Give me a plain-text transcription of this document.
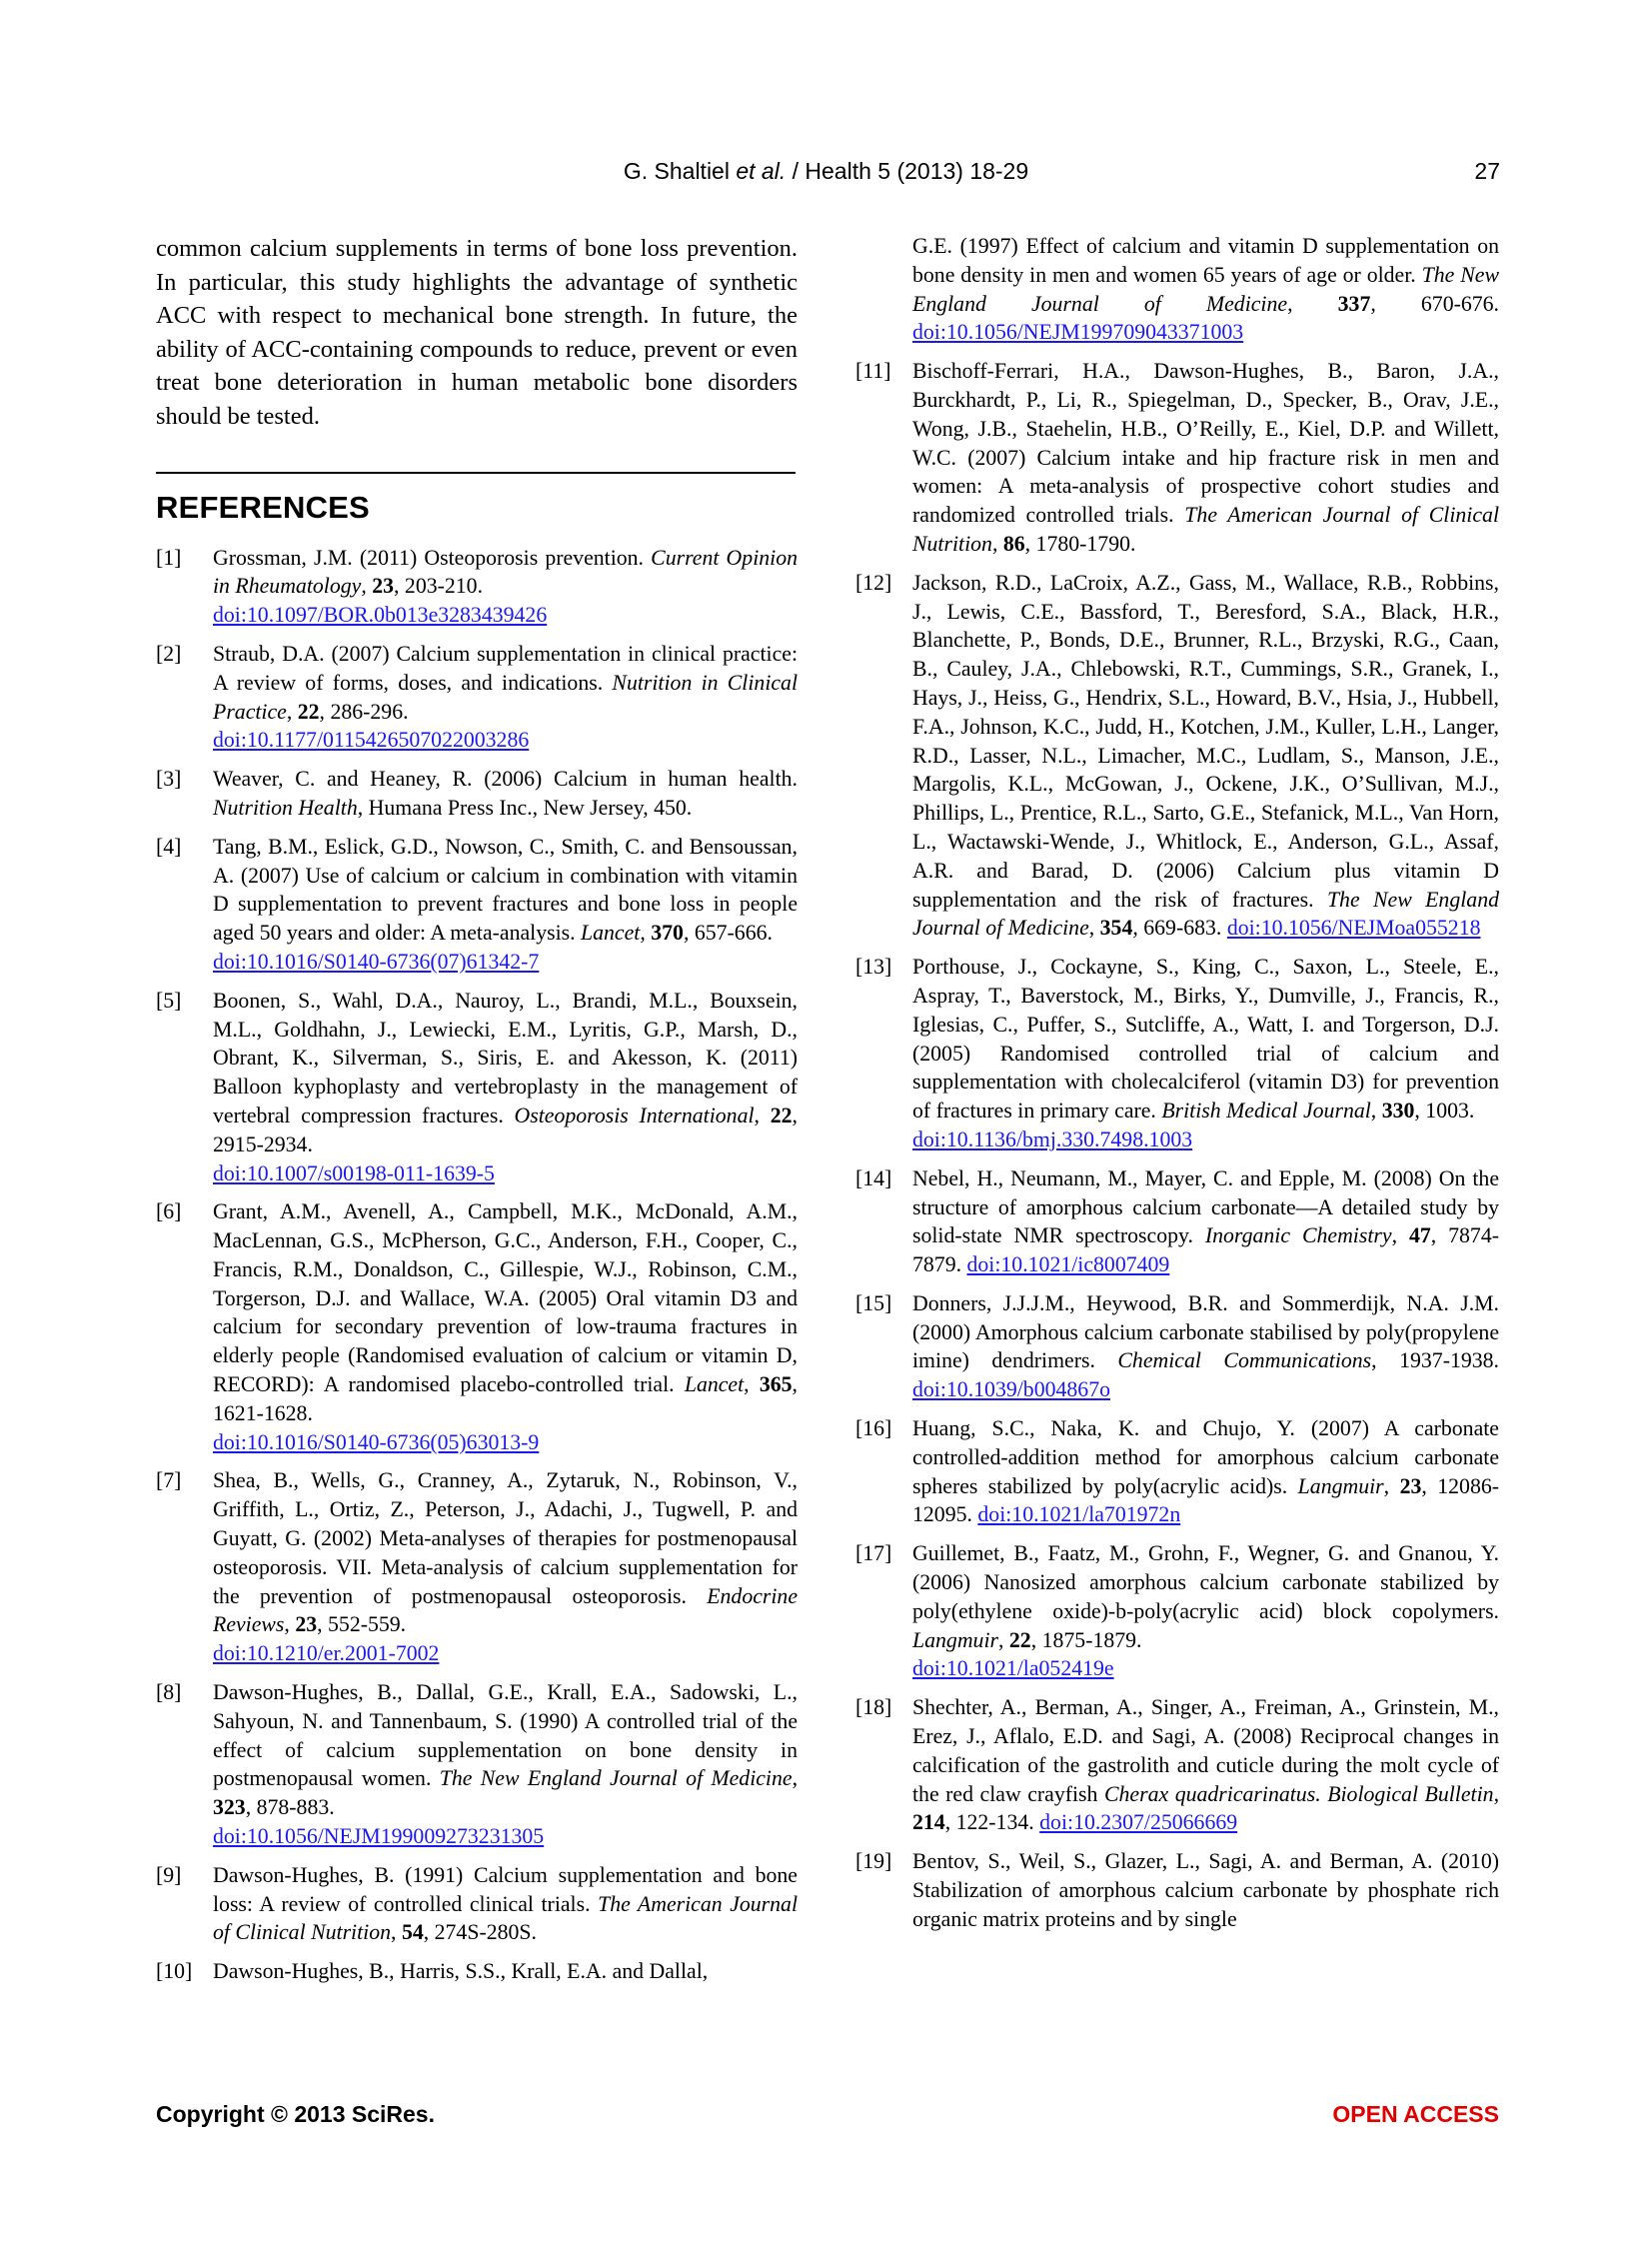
G. Shaltiel et al. / Health 5 (2013) 18-29	27

common calcium supplements in terms of bone loss prevention. In particular, this study highlights the advantage of synthetic ACC with respect to mechanical bone strength. In future, the ability of ACC-containing compounds to reduce, prevent or even treat bone deterioration in human metabolic bone disorders should be tested.

REFERENCES
[1] Grossman, J.M. (2011) Osteoporosis prevention. Current Opinion in Rheumatology, 23, 203-210.
doi:10.1097/BOR.0b013e3283439426
[2] Straub, D.A. (2007) Calcium supplementation in clinical practice: A review of forms, doses, and indications. Nutrition in Clinical Practice, 22, 286-296.
doi:10.1177/0115426507022003286
[3] Weaver, C. and Heaney, R. (2006) Calcium in human health. Nutrition Health, Humana Press Inc., New Jersey, 450.
[4] Tang, B.M., Eslick, G.D., Nowson, C., Smith, C. and Bensoussan, A. (2007) Use of calcium or calcium in combination with vitamin D supplementation to prevent fractures and bone loss in people aged 50 years and older: A meta-analysis. Lancet, 370, 657-666.
doi:10.1016/S0140-6736(07)61342-7
[5] Boonen, S., Wahl, D.A., Nauroy, L., Brandi, M.L., Bouxsein, M.L., Goldhahn, J., Lewiecki, E.M., Lyritis, G.P., Marsh, D., Obrant, K., Silverman, S., Siris, E. and Akesson, K. (2011) Balloon kyphoplasty and vertebroplasty in the management of vertebral compression fractures. Osteoporosis International, 22, 2915-2934.
doi:10.1007/s00198-011-1639-5
[6] Grant, A.M., Avenell, A., Campbell, M.K., McDonald, A.M., MacLennan, G.S., McPherson, G.C., Anderson, F.H., Cooper, C., Francis, R.M., Donaldson, C., Gillespie, W.J., Robinson, C.M., Torgerson, D.J. and Wallace, W.A. (2005) Oral vitamin D3 and calcium for secondary prevention of low-trauma fractures in elderly people (Randomised evaluation of calcium or vitamin D, RECORD): A randomised placebo-controlled trial. Lancet, 365, 1621-1628.
doi:10.1016/S0140-6736(05)63013-9
[7] Shea, B., Wells, G., Cranney, A., Zytaruk, N., Robinson, V., Griffith, L., Ortiz, Z., Peterson, J., Adachi, J., Tugwell, P. and Guyatt, G. (2002) Meta-analyses of therapies for postmenopausal osteoporosis. VII. Meta-analysis of calcium supplementation for the prevention of postmenopausal osteoporosis. Endocrine Reviews, 23, 552-559.
doi:10.1210/er.2001-7002
[8] Dawson-Hughes, B., Dallal, G.E., Krall, E.A., Sadowski, L., Sahyoun, N. and Tannenbaum, S. (1990) A controlled trial of the effect of calcium supplementation on bone density in postmenopausal women. The New England Journal of Medicine, 323, 878-883.
doi:10.1056/NEJM199009273231305
[9] Dawson-Hughes, B. (1991) Calcium supplementation and bone loss: A review of controlled clinical trials. The American Journal of Clinical Nutrition, 54, 274S-280S.
[10] Dawson-Hughes, B., Harris, S.S., Krall, E.A. and Dallal,

G.E. (1997) Effect of calcium and vitamin D supplementation on bone density in men and women 65 years of age or older. The New England Journal of Medicine, 337, 670-676. doi:10.1056/NEJM199709043371003

[11] Bischoff-Ferrari, H.A., Dawson-Hughes, B., Baron, J.A., Burckhardt, P., Li, R., Spiegelman, D., Specker, B., Orav, J.E., Wong, J.B., Staehelin, H.B., O’Reilly, E., Kiel, D.P. and Willett, W.C. (2007) Calcium intake and hip fracture risk in men and women: A meta-analysis of prospective cohort studies and randomized controlled trials. The American Journal of Clinical Nutrition, 86, 1780-1790.
[12] Jackson, R.D., LaCroix, A.Z., Gass, M., Wallace, R.B., Robbins, J., Lewis, C.E., Bassford, T., Beresford, S.A., Black, H.R., Blanchette, P., Bonds, D.E., Brunner, R.L., Brzyski, R.G., Caan, B., Cauley, J.A., Chlebowski, R.T., Cummings, S.R., Granek, I., Hays, J., Heiss, G., Hendrix, S.L., Howard, B.V., Hsia, J., Hubbell, F.A., Johnson, K.C., Judd, H., Kotchen, J.M., Kuller, L.H., Langer, R.D., Lasser, N.L., Limacher, M.C., Ludlam, S., Manson, J.E., Margolis, K.L., McGowan, J., Ockene, J.K., O’Sullivan, M.J., Phillips, L., Prentice, R.L., Sarto, G.E., Stefanick, M.L., Van Horn, L., Wactawski-Wende, J., Whitlock, E., Anderson, G.L., Assaf, A.R. and Barad, D. (2006) Calcium plus vitamin D supplementation and the risk of fractures. The New England Journal of Medicine, 354, 669-683. doi:10.1056/NEJMoa055218
[13] Porthouse, J., Cockayne, S., King, C., Saxon, L., Steele, E., Aspray, T., Baverstock, M., Birks, Y., Dumville, J., Francis, R., Iglesias, C., Puffer, S., Sutcliffe, A., Watt, I. and Torgerson, D.J. (2005) Randomised controlled trial of calcium and supplementation with cholecalciferol (vitamin D3) for prevention of fractures in primary care. British Medical Journal, 330, 1003.
doi:10.1136/bmj.330.7498.1003
[14] Nebel, H., Neumann, M., Mayer, C. and Epple, M. (2008) On the structure of amorphous calcium carbonate—A detailed study by solid-state NMR spectroscopy. Inorganic Chemistry, 47, 7874-7879. doi:10.1021/ic8007409
[15] Donners, J.J.J.M., Heywood, B.R. and Sommerdijk, N.A. J.M. (2000) Amorphous calcium carbonate stabilised by poly(propylene imine) dendrimers. Chemical Communications, 1937-1938. doi:10.1039/b004867o
[16] Huang, S.C., Naka, K. and Chujo, Y. (2007) A carbonate controlled-addition method for amorphous calcium carbonate spheres stabilized by poly(acrylic acid)s. Langmuir, 23, 12086-12095. doi:10.1021/la701972n
[17] Guillemet, B., Faatz, M., Grohn, F., Wegner, G. and Gnanou, Y. (2006) Nanosized amorphous calcium carbonate stabilized by poly(ethylene oxide)-b-poly(acrylic acid) block copolymers. Langmuir, 22, 1875-1879.
doi:10.1021/la052419e
[18] Shechter, A., Berman, A., Singer, A., Freiman, A., Grinstein, M., Erez, J., Aflalo, E.D. and Sagi, A. (2008) Reciprocal changes in calcification of the gastrolith and cuticle during the molt cycle of the red claw crayfish Cherax quadricarinatus. Biological Bulletin, 214, 122-134. doi:10.2307/25066669
[19] Bentov, S., Weil, S., Glazer, L., Sagi, A. and Berman, A. (2010) Stabilization of amorphous calcium carbonate by phosphate rich organic matrix proteins and by single
Copyright © 2013 SciRes.	OPEN ACCESS
